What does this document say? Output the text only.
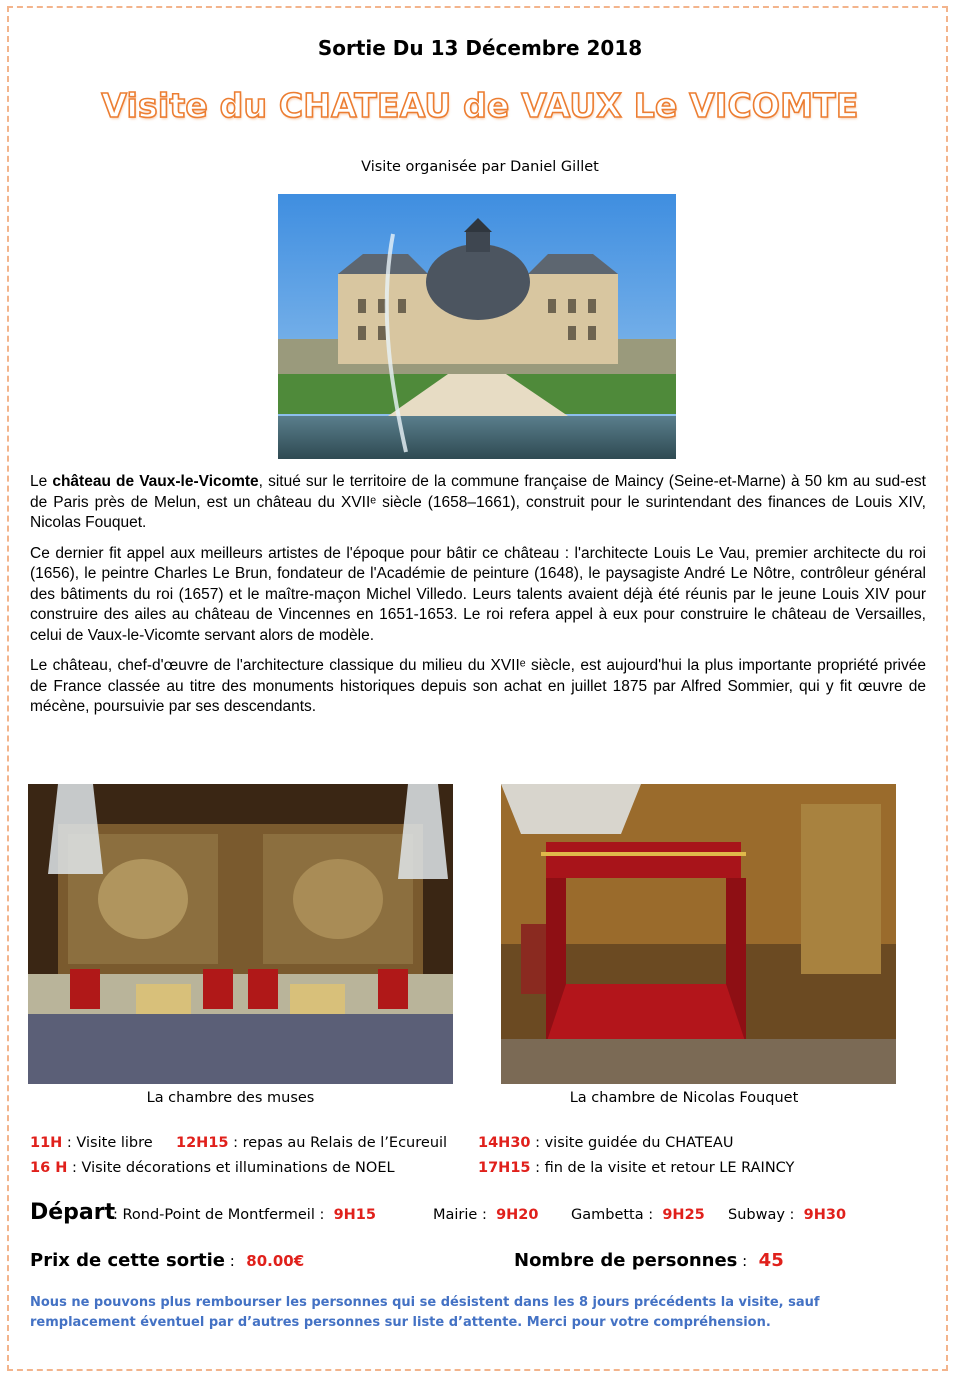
Sortie Du 13 Décembre 2018
Visite du CHATEAU de VAUX Le VICOMTE
Visite organisée par Daniel Gillet

Le château de Vaux-le-Vicomte, situé sur le territoire de la commune française de Maincy (Seine-et-Marne) à 50 km au sud-est de Paris près de Melun, est un château du XVIIᵉ siècle (1658–1661), construit pour le surintendant des finances de Louis XIV, Nicolas Fouquet.

Ce dernier fit appel aux meilleurs artistes de l'époque pour bâtir ce château : l'architecte Louis Le Vau, premier architecte du roi (1656), le peintre Charles Le Brun, fondateur de l'Académie de peinture (1648), le paysagiste André Le Nôtre, contrôleur général des bâtiments du roi (1657) et le maître-maçon Michel Villedo. Leurs talents avaient déjà été réunis par le jeune Louis XIV pour construire des ailes au château de Vincennes en 1651-1653. Le roi refera appel à eux pour construire le château de Versailles, celui de Vaux-le-Vicomte servant alors de modèle.

Le château, chef-d'œuvre de l'architecture classique du milieu du XVIIᵉ siècle, est aujourd'hui la plus importante propriété privée de France classée au titre des monuments historiques depuis son achat en juillet 1875 par Alfred Sommier, qui y fit œuvre de mécène, poursuivie par ses descendants.

La chambre des muses	La chambre de Nicolas Fouquet
11H : Visite libre 12H15 : repas au Relais de l’Ecureuil 14H30 : visite guidée du CHATEAU
16 H : Visite décorations et illuminations de NOEL	17H15 : fin de la visite et retour LE RAINCY
Départ
: Rond-Point de Montfermeil : 9H15	Mairie : 9H20 Gambetta : 9H25 Subway : 9H30
Prix de cette sortie : 80.00€	Nombre de personnes : 45
Nous ne pouvons plus rembourser les personnes qui se désistent dans les 8 jours précédents la visite, sauf remplacement éventuel par d’autres personnes sur liste d’attente. Merci pour votre compréhension.
